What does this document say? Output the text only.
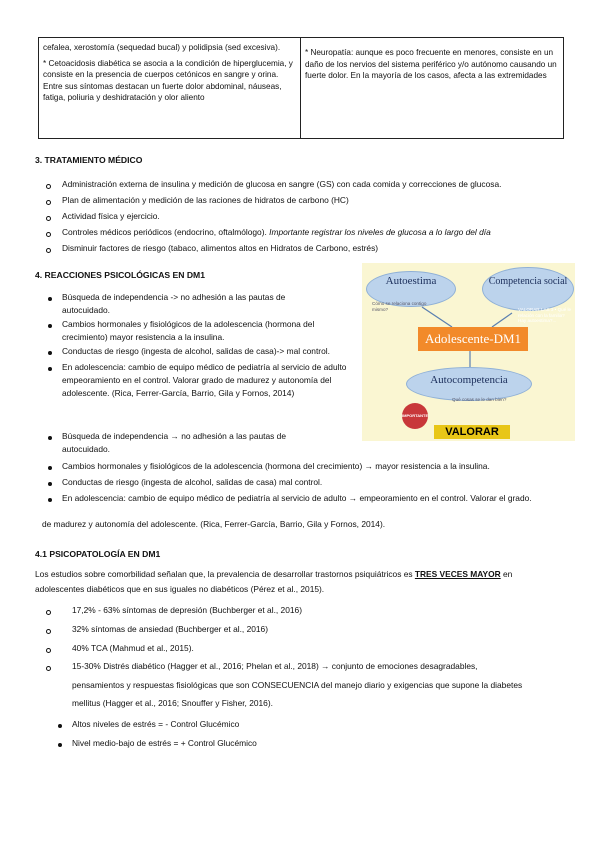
cefalea, xerostomía (sequedad bucal) y polidipsia (sed excesiva).

* Cetoacidosis diabética se asocia a la condición de hiperglucemia, y consiste en la presencia de cuerpos cetónicos en sangre y orina. Entre sus síntomas destacan un fuerte dolor abdominal, náuseas, fatiga, poliuria y deshidratación y olor aliento

* Neuropatía: aunque es poco frecuente en menores, consiste en un daño de los nervios del sistema periférico y/o autónomo causando un fuerte dolor. En la mayoría de los casos, afecta a las extremidades

3. TRATAMIENTO MÉDICO
Administración externa de insulina y medición de glucosa en sangre (GS) con cada comida y correcciones de glucosa.
Plan de alimentación y medición de las raciones de hidratos de carbono (HC)
Actividad física y ejercicio.
Controles médicos periódicos (endocrino, oftalmólogo). Importante registrar los niveles de glucosa a lo largo del día
Disminuir factores de riesgo (tabaco, alimentos altos en Hidratos de Carbono, estrés)
4. REACCIONES PSICOLÓGICAS EN DM1
Búsqueda de independencia -> no adhesión a las pautas de autocuidado.
Cambios hormonales y fisiológicos de la adolescencia (hormona del crecimiento) mayor resistencia a la insulina.
Conductas de riesgo (ingesta de alcohol, salidas de casa)-> mal control.
En adolescencia: cambio de equipo médico de pediatría al servicio de adulto empeoramiento en el control. Valorar grado de madurez y autonomía del adolescente. (Rica, Ferrer-García, Barrio, Gila y Fornos, 2014)
Autoestima
Cómo se relaciona contigo mismo?
Competencia social
VALORAR LAS 3 • Qué le relación con la familia? Hay autoestima?...
Adolescente-DM1
Autocompetencia
Qué cosas se le dan bien?
IMPORTANTE
VALORAR
Búsqueda de independencia → no adhesión a las pautas de autocuidado.
Cambios hormonales y fisiológicos de la adolescencia (hormona del crecimiento) → mayor resistencia a la insulina.
Conductas de riesgo (ingesta de alcohol, salidas de casa) mal control.
En adolescencia: cambio de equipo médico de pediatría al servicio de adulto → empeoramiento en el control. Valorar el grado.
de madurez y autonomía del adolescente. (Rica, Ferrer-García, Barrio, Gila y Fornos, 2014).
4.1 PSICOPATOLOGÍA EN DM1
Los estudios sobre comorbilidad señalan que, la prevalencia de desarrollar trastornos psiquiátricos es TRES VECES MAYOR en
adolescentes diabéticos que en sus iguales no diabéticos (Pérez et al., 2015).
17,2% - 63% síntomas de depresión (Buchberger et al., 2016)
32% síntomas de ansiedad (Buchberger et al., 2016)
40% TCA (Mahmud et al., 2015).
15-30% Distrés diabético (Hagger et al., 2016; Phelan et al., 2018) → conjunto de emociones desagradables,
pensamientos y respuestas fisiológicas que son CONSECUENCIA del manejo diario y exigencias que supone la diabetes
mellitus (Hagger et al., 2016; Snouffer y Fisher, 2016).
Altos niveles de estrés = - Control Glucémico
Nivel medio-bajo de estrés = + Control Glucémico
